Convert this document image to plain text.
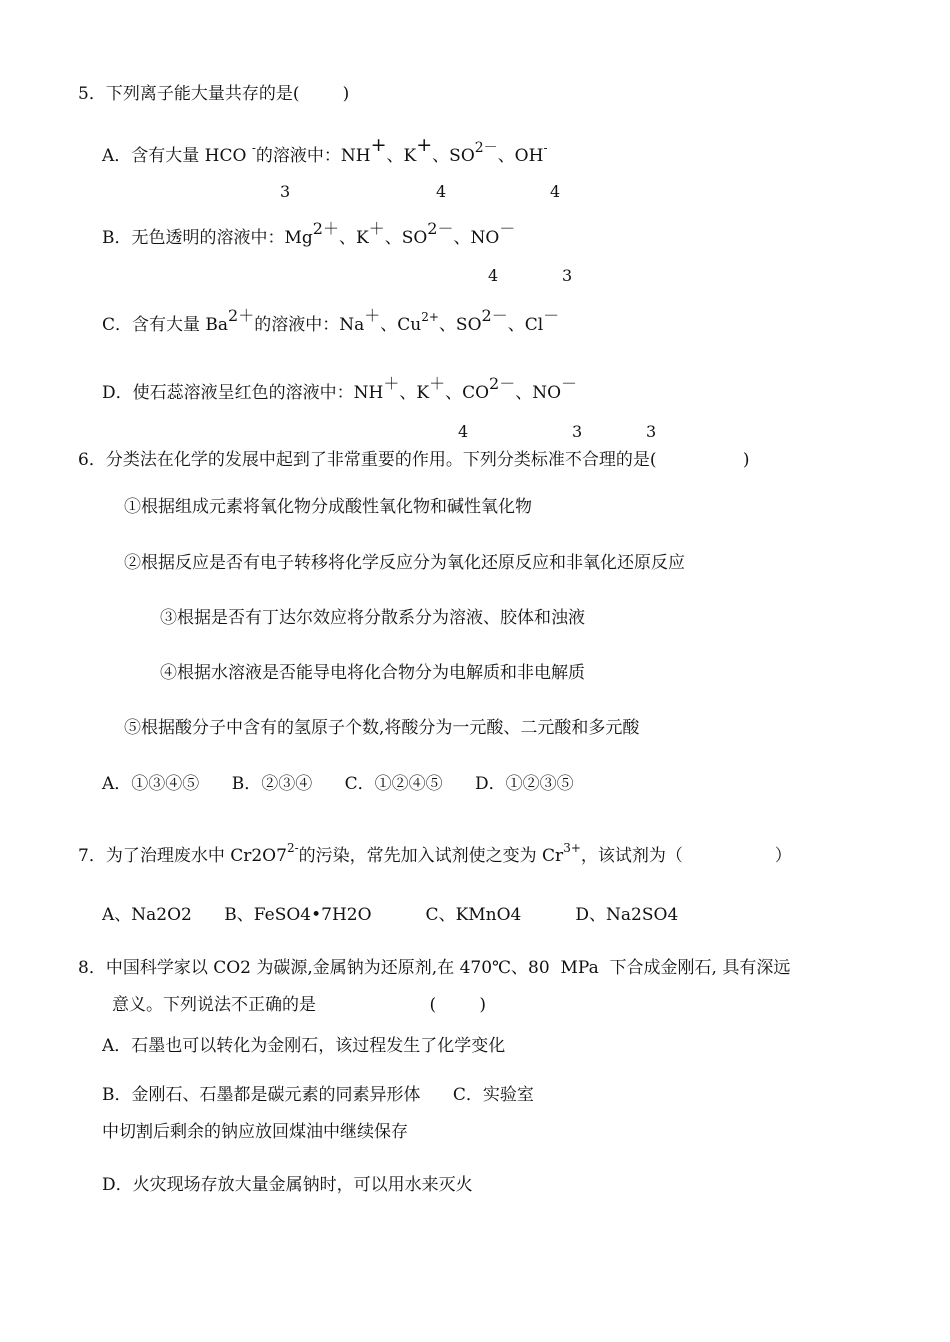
5．下列离子能大量共存的是(        )
A．含有大量 HCO -的溶液中：NH+、K+、$SO^{2-}$、OH-
3	4	4
B．无色透明的溶液中：Mg2＋、K＋、SO2－、NO－
4	3
C．含有大量 Ba2＋的溶液中：Na＋、$Cu^{2+}$、SO2－、Cl－
D．使石蕊溶液呈红色的溶液中：NH＋、K＋、CO2－、NO－
4	3	3
6．分类法在化学的发展中起到了非常重要的作用。下列分类标准不合理的是(                )
①根据组成元素将氧化物分成酸性氧化物和碱性氧化物
②根据反应是否有电子转移将化学反应分为氧化还原反应和非氧化还原反应
③根据是否有丁达尔效应将分散系分为溶液、胶体和浊液
④根据水溶液是否能导电将化合物分为电解质和非电解质
⑤根据酸分子中含有的氢原子个数,将酸分为一元酸、二元酸和多元酸
A．①③④⑤      B．②③④      C．①②④⑤      D．①②③⑤
7．为了治理废水中 $Cr2O7^{2-}$的污染，常先加入试剂使之变为 $Cr^{3+}$，该试剂为（                 ）
A、Na2O2      B、FeSO4•7H2O          C、KMnO4          D、Na2SO4
8．中国科学家以 CO2 为碳源,金属钠为还原剂,在 470℃、80  MPa  下合成金刚石, 具有深远
意义。下列说法不正确的是                     (        )
A．石墨也可以转化为金刚石，该过程发生了化学变化
B．金刚石、石墨都是碳元素的同素异形体      C．实验室
中切割后剩余的钠应放回煤油中继续保存
D．火灾现场存放大量金属钠时，可以用水来灭火
